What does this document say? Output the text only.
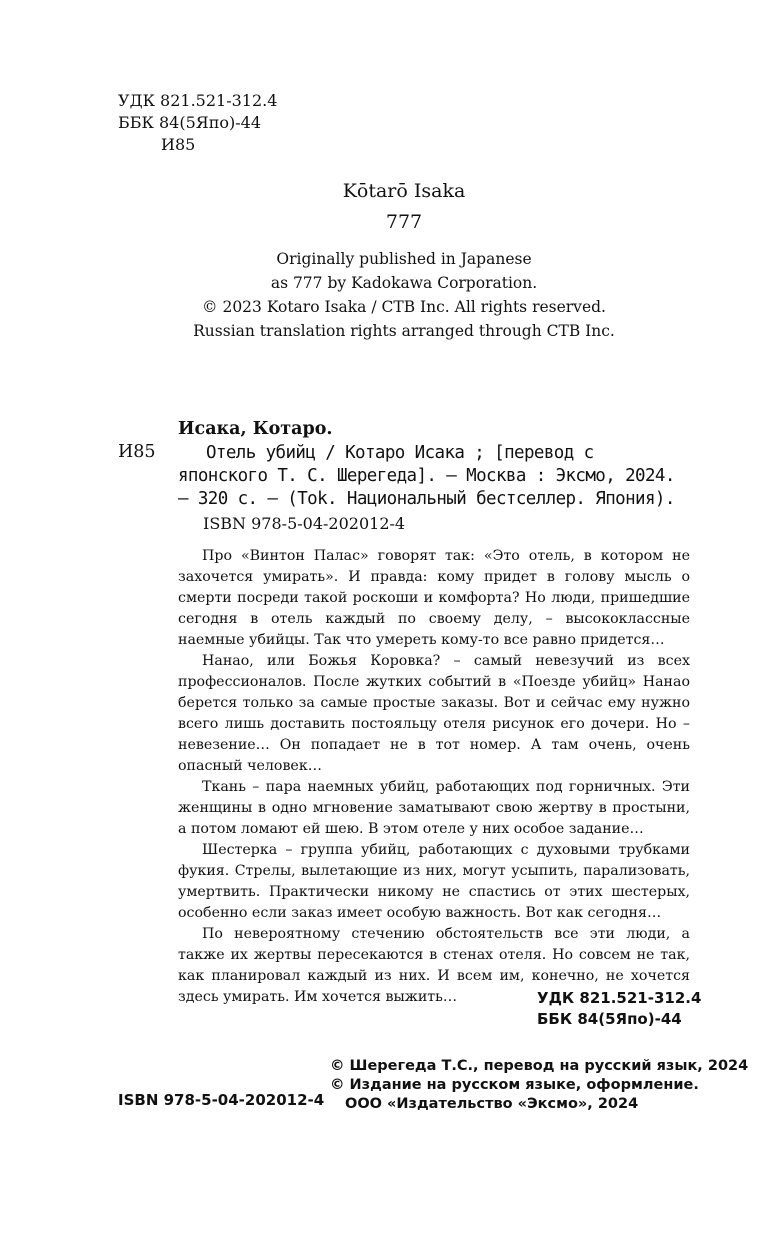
УДК 821.521-312.4
ББК 84(5Япо)-44
И85
Kōtarō Isaka
777
Originally published in Japanese
as 777 by Kadokawa Corporation.
© 2023 Kotaro Isaka / CTB Inc. All rights reserved.
Russian translation rights arranged through CTB Inc.
Исака, Котаро.
И85	Отель убийц / Котаро Исака ; [перевод с японского Т. С. Шерегеда]. — Москва : Эксмо, 2024. — 320 с. — (Tok. Национальный бестселлер. Япония).
ISBN 978-5-04-202012-4

Про «Винтон Палас» говорят так: «Это отель, в котором не захочется умирать». И правда: кому придет в голову мысль о смерти посреди такой роскоши и комфорта? Но люди, пришедшие сегодня в отель каждый по своему делу, – высококлассные наемные убийцы. Так что умереть кому-то все равно придется…

Нанао, или Божья Коровка? – самый невезучий из всех профессионалов. После жутких событий в «Поезде убийц» Нанао берется только за самые простые заказы. Вот и сейчас ему нужно всего лишь доставить постояльцу отеля рисунок его дочери. Но – невезение… Он попадает не в тот номер. А там очень, очень опасный человек…

Ткань – пара наемных убийц, работающих под горничных. Эти женщины в одно мгновение заматывают свою жертву в простыни, а потом ломают ей шею. В этом отеле у них особое задание…

Шестерка – группа убийц, работающих с духовыми трубками фукия. Стрелы, вылетающие из них, могут усыпить, парализовать, умертвить. Практически никому не спастись от этих шестерых, особенно если заказ имеет особую важность. Вот как сегодня…

По невероятному стечению обстоятельств все эти люди, а также их жертвы пересекаются в стенах отеля. Но совсем не так, как планировал каждый из них. И всем им, конечно, не хочется здесь умирать. Им хочется выжить…	УДК 821.521-312.4
ББК 84(5Япо)-44
© Шерегеда Т.С., перевод на русский язык, 2024
© Издание на русском языке, оформление.
ООО «Издательство «Эксмо», 2024
ISBN 978-5-04-202012-4
